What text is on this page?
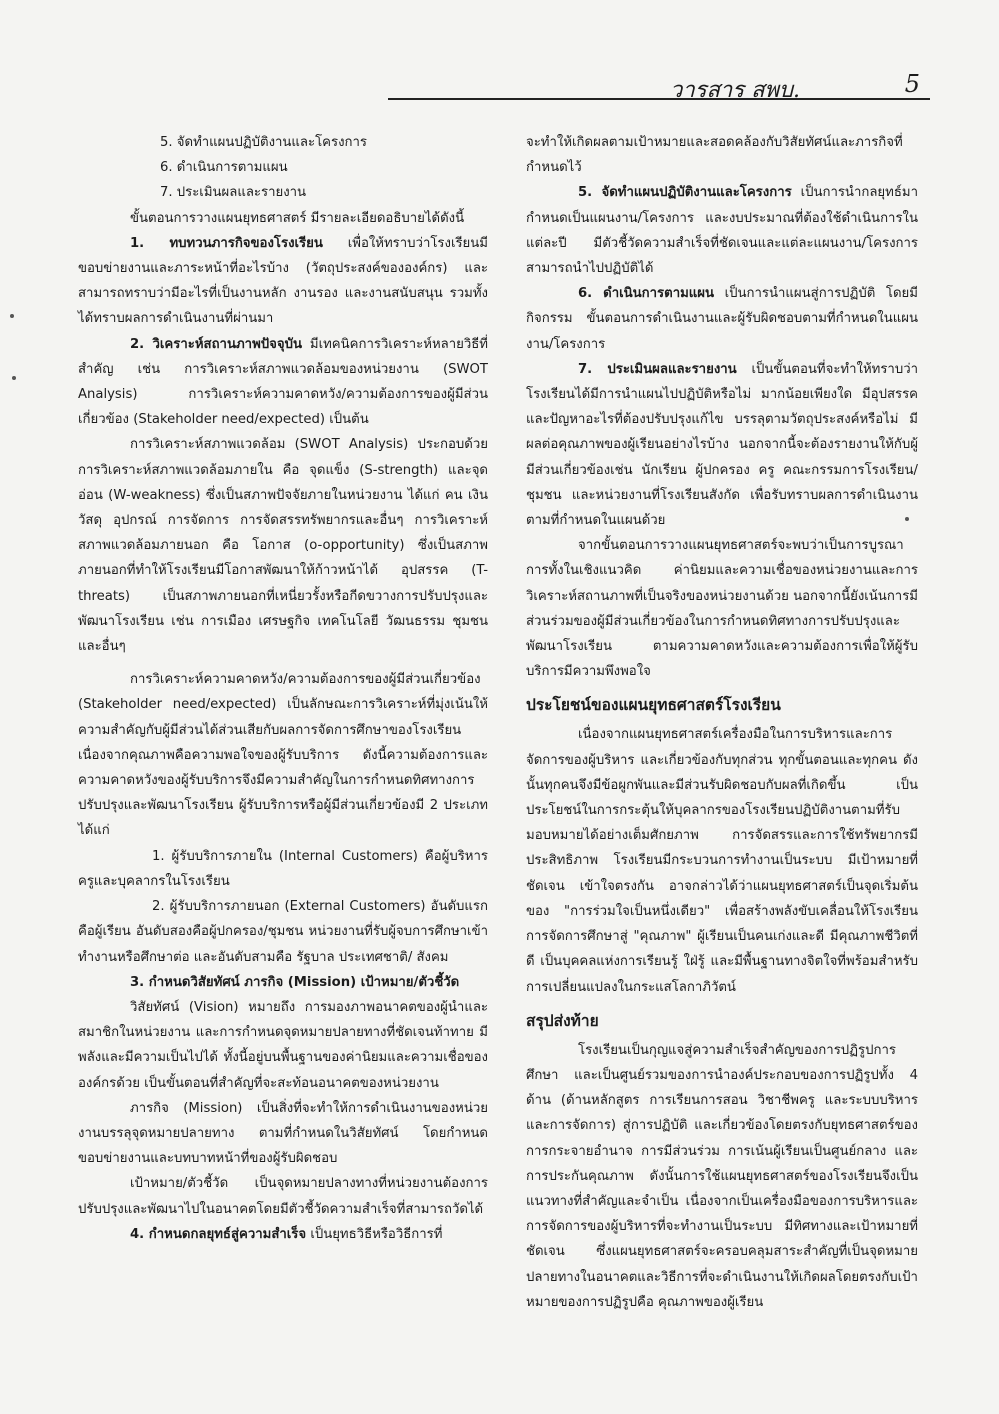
วารสาร สพบ.	5

5. จัดทำแผนปฏิบัติงานและโครงการ

6. ดำเนินการตามแผน

7. ประเมินผลและรายงาน

ขั้นตอนการวางแผนยุทธศาสตร์ มีรายละเอียดอธิบายได้ดังนี้

1. ทบทวนภารกิจของโรงเรียน เพื่อให้ทราบว่าโรงเรียนมีขอบข่ายงานและภาระหน้าที่อะไรบ้าง (วัตถุประสงค์ขององค์กร) และสามารถทราบว่ามีอะไรที่เป็นงานหลัก งานรอง และงานสนับสนุน รวมทั้งได้ทราบผลการดำเนินงานที่ผ่านมา

2. วิเคราะห์สถานภาพปัจจุบัน มีเทคนิคการวิเคราะห์หลายวิธีที่สำคัญ เช่น การวิเคราะห์สภาพแวดล้อมของหน่วยงาน (SWOT Analysis) การวิเคราะห์ความคาดหวัง/ความต้องการของผู้มีส่วนเกี่ยวข้อง (Stakeholder need/expected) เป็นต้น

การวิเคราะห์สภาพแวดล้อม (SWOT Analysis) ประกอบด้วยการวิเคราะห์สภาพแวดล้อมภายใน คือ จุดแข็ง (S-strength) และจุดอ่อน (W-weakness) ซึ่งเป็นสภาพปัจจัยภายในหน่วยงาน ได้แก่ คน เงิน วัสดุ อุปกรณ์ การจัดการ การจัดสรรทรัพยากรและอื่นๆ การวิเคราะห์สภาพแวดล้อมภายนอก คือ โอกาส (o-opportunity) ซึ่งเป็นสภาพภายนอกที่ทำให้โรงเรียนมีโอกาสพัฒนาให้ก้าวหน้าได้ อุปสรรค (T-threats) เป็นสภาพภายนอกที่เหนี่ยวรั้งหรือกีดขวางการปรับปรุงและพัฒนาโรงเรียน เช่น การเมือง เศรษฐกิจ เทคโนโลยี วัฒนธรรม ชุมชน และอื่นๆ

การวิเคราะห์ความคาดหวัง/ความต้องการของผู้มีส่วนเกี่ยวข้อง (Stakeholder need/expected) เป็นลักษณะการวิเคราะห์ที่มุ่งเน้นให้ความสำคัญกับผู้มีส่วนได้ส่วนเสียกับผลการจัดการศึกษาของโรงเรียน เนื่องจากคุณภาพคือความพอใจของผู้รับบริการ ดังนี้ความต้องการและความคาดหวังของผู้รับบริการจึงมีความสำคัญในการกำหนดทิศทางการปรับปรุงและพัฒนาโรงเรียน ผู้รับบริการหรือผู้มีส่วนเกี่ยวข้องมี 2 ประเภท ได้แก่

1. ผู้รับบริการภายใน (Internal Customers) คือผู้บริหาร ครูและบุคลากรในโรงเรียน

2. ผู้รับบริการภายนอก (External Customers) อันดับแรกคือผู้เรียน อันดับสองคือผู้ปกครอง/ชุมชน หน่วยงานที่รับผู้จบการศึกษาเข้าทำงานหรือศึกษาต่อ และอันดับสามคือ รัฐบาล ประเทศชาติ/ สังคม

3. กำหนดวิสัยทัศน์ ภารกิจ (Mission) เป้าหมาย/ตัวชี้วัด

วิสัยทัศน์ (Vision) หมายถึง การมองภาพอนาคตของผู้นำและสมาชิกในหน่วยงาน และการกำหนดจุดหมายปลายทางที่ชัดเจนท้าทาย มีพลังและมีความเป็นไปได้ ทั้งนี้อยู่บนพื้นฐานของค่านิยมและความเชื่อขององค์กรด้วย เป็นขั้นตอนที่สำคัญที่จะสะท้อนอนาคตของหน่วยงาน

ภารกิจ (Mission) เป็นสิ่งที่จะทำให้การดำเนินงานของหน่วยงานบรรลุจุดหมายปลายทาง ตามที่กำหนดในวิสัยทัศน์ โดยกำหนดขอบข่ายงานและบทบาทหน้าที่ของผู้รับผิดชอบ

เป้าหมาย/ตัวชี้วัด เป็นจุดหมายปลางทางที่หน่วยงานต้องการปรับปรุงและพัฒนาไปในอนาคตโดยมีตัวชี้วัดความสำเร็จที่สามารถวัดได้

4. กำหนดกลยุทธ์สู่ความสำเร็จ เป็นยุทธวิธีหรือวิธีการที่

จะทำให้เกิดผลตามเป้าหมายและสอดคล้องกับวิสัยทัศน์และภารกิจที่กำหนดไว้

5. จัดทำแผนปฏิบัติงานและโครงการ เป็นการนำกลยุทธ์มากำหนดเป็นแผนงาน/โครงการ และงบประมาณที่ต้องใช้ดำเนินการในแต่ละปี มีตัวชี้วัดความสำเร็จที่ชัดเจนและแต่ละแผนงาน/โครงการสามารถนำไปปฏิบัติได้

6. ดำเนินการตามแผน เป็นการนำแผนสู่การปฏิบัติ โดยมีกิจกรรม ขั้นตอนการดำเนินงานและผู้รับผิดชอบตามที่กำหนดในแผนงาน/โครงการ

7. ประเมินผลและรายงาน เป็นขั้นตอนที่จะทำให้ทราบว่าโรงเรียนได้มีการนำแผนไปปฏิบัติหรือไม่ มากน้อยเพียงใด มีอุปสรรคและปัญหาอะไรที่ต้องปรับปรุงแก้ไข บรรลุตามวัตถุประสงค์หรือไม่ มีผลต่อคุณภาพของผู้เรียนอย่างไรบ้าง นอกจากนี้จะต้องรายงานให้กับผู้มีส่วนเกี่ยวข้องเช่น นักเรียน ผู้ปกครอง ครู คณะกรรมการโรงเรียน/ชุมชน และหน่วยงานที่โรงเรียนสังกัด เพื่อรับทราบผลการดำเนินงานตามที่กำหนดในแผนด้วย

จากขั้นตอนการวางแผนยุทธศาสตร์จะพบว่าเป็นการบูรณาการทั้งในเชิงแนวคิด ค่านิยมและความเชื่อของหน่วยงานและการวิเคราะห์สถานภาพที่เป็นจริงของหน่วยงานด้วย นอกจากนี้ยังเน้นการมีส่วนร่วมของผู้มีส่วนเกี่ยวข้องในการกำหนดทิศทางการปรับปรุงและพัฒนาโรงเรียน ตามความคาดหวังและความต้องการเพื่อให้ผู้รับบริการมีความพึงพอใจ

ประโยชน์ของแผนยุทธศาสตร์โรงเรียน

เนื่องจากแผนยุทธศาสตร์เครื่องมือในการบริหารและการจัดการของผู้บริหาร และเกี่ยวข้องกับทุกส่วน ทุกขั้นตอนและทุกคน ดังนั้นทุกคนจึงมีข้อผูกพันและมีส่วนรับผิดชอบกับผลที่เกิดขึ้น เป็นประโยชน์ในการกระตุ้นให้บุคลากรของโรงเรียนปฏิบัติงานตามที่รับมอบหมายได้อย่างเต็มศักยภาพ การจัดสรรและการใช้ทรัพยากรมีประสิทธิภาพ โรงเรียนมีกระบวนการทำงานเป็นระบบ มีเป้าหมายที่ชัดเจน เข้าใจตรงกัน อาจกล่าวได้ว่าแผนยุทธศาสตร์เป็นจุดเริ่มต้นของ "การร่วมใจเป็นหนึ่งเดียว" เพื่อสร้างพลังขับเคลื่อนให้โรงเรียนการจัดการศึกษาสู่ "คุณภาพ" ผู้เรียนเป็นคนเก่งและดี มีคุณภาพชีวิตที่ดี เป็นบุคคลแห่งการเรียนรู้ ใฝ่รู้ และมีพื้นฐานทางจิตใจที่พร้อมสำหรับการเปลี่ยนแปลงในกระแสโลกาภิวัตน์

สรุปส่งท้าย

โรงเรียนเป็นกุญแจสู่ความสำเร็จสำคัญของการปฏิรูปการศึกษา และเป็นศูนย์รวมของการนำองค์ประกอบของการปฏิรูปทั้ง 4 ด้าน (ด้านหลักสูตร การเรียนการสอน วิชาชีพครู และระบบบริหารและการจัดการ) สู่การปฏิบัติ และเกี่ยวข้องโดยตรงกับยุทธศาสตร์ของการกระจายอำนาจ การมีส่วนร่วม การเน้นผู้เรียนเป็นศูนย์กลาง และการประกันคุณภาพ ดังนั้นการใช้แผนยุทธศาสตร์ของโรงเรียนจึงเป็นแนวทางที่สำคัญและจำเป็น เนื่องจากเป็นเครื่องมือของการบริหารและการจัดการของผู้บริหารที่จะทำงานเป็นระบบ มีทิศทางและเป้าหมายที่ชัดเจน ซึ่งแผนยุทธศาสตร์จะครอบคลุมสาระสำคัญที่เป็นจุดหมายปลายทางในอนาคตและวิธีการที่จะดำเนินงานให้เกิดผลโดยตรงกับเป้าหมายของการปฏิรูปคือ คุณภาพของผู้เรียน
